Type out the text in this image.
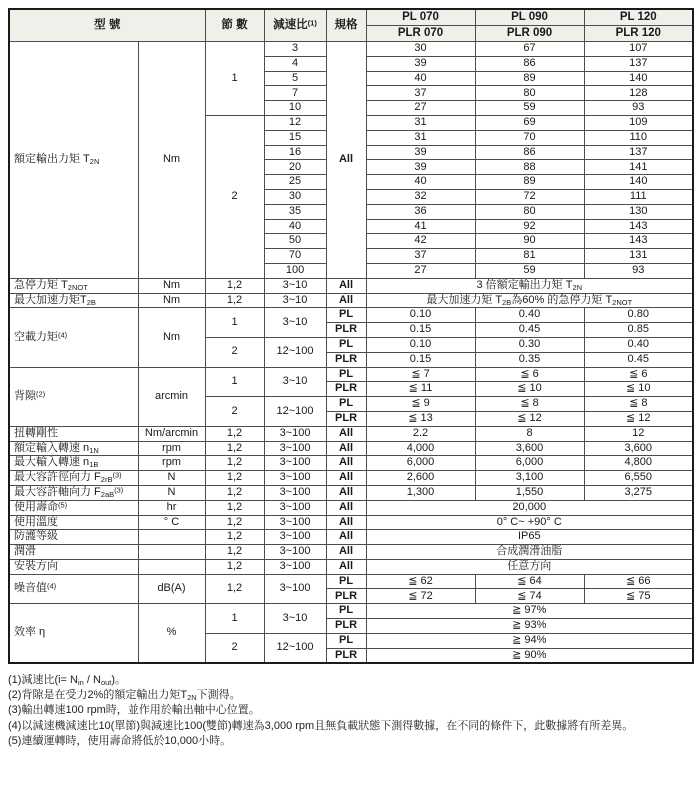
型 號		節 數	減速比$^{(1)}$	規格	PL 070	PL 090	PL 120
					PLR 070	PLR 090	PLR 120
額定輸出力矩 $T_{2N}$	Nm	1	3	All	30	67	107
			4		39	86	137
			5		40	89	140
			7		37	80	128
			10		27	59	93
		2	12		31	69	109
			15		31	70	110
			16		39	86	137
			20		39	88	141
			25		40	89	140
			30		32	72	111
			35		36	80	130
			40		41	92	143
			50		42	90	143
			70		37	81	131
			100		27	59	93
急停力矩 $T_{2NOT}$	Nm	1,2	3~10	All	3 倍額定輸出力矩 $T_{2N}$
最大加速力矩$T_{2B}$	Nm	1,2	3~10	All	最大加速力矩 $T_{2B}$為60% 的急停力矩 $T_{2NOT}$
空載力矩$^{(4)}$	Nm	1	3~10	PL	0.10	0.40	0.80
				PLR	0.15	0.45	0.85
		2	12~100	PL	0.10	0.30	0.40
				PLR	0.15	0.35	0.45
背隙$^{(2)}$	arcmin	1	3~10	PL	≦ 7	≦ 6	≦ 6
				PLR	≦ 11	≦ 10	≦ 10
		2	12~100	PL	≦ 9	≦ 8	≦ 8
				PLR	≦ 13	≦ 12	≦ 12
扭轉剛性	Nm/arcmin	1,2	3~100	All	2.2	8	12
額定輸入轉速 $n_{1N}$	rpm	1,2	3~100	All	4,000	3,600	3,600
最大輸入轉速 $n_{1B}$	rpm	1,2	3~100	All	6,000	6,000	4,800
最大容許徑向力 $F_{2rB}^{(3)}$	N	1,2	3~100	All	2,600	3,100	6,550
最大容許軸向力 $F_{2aB}^{(3)}$	N	1,2	3~100	All	1,300	1,550	3,275
使用壽命$^{(5)}$	hr	1,2	3~100	All	20,000		
使用溫度	° C	1,2	3~100	All	0° C~ +90° C		
防護等級		1,2	3~100	All	IP65		
潤滑		1,2	3~100	All	合成潤滑油脂		
安裝方向		1,2	3~100	All	任意方向		
噪音值$^{(4)}$	dB(A)	1,2	3~100	PL	≦ 62	≦ 64	≦ 66
				PLR	≦ 72	≦ 74	≦ 75
效率 η	%	1	3~10	PL	≧ 97%		
				PLR	≧ 93%		
		2	12~100	PL	≧ 94%		
				PLR	≧ 90%		
(1)減速比$(i= N_{in} / N_{out})$。
(2)背隙是在受力2%的額定輸出力矩$T_{2N}$下測得。
(3)輸出轉速100 rpm時，並作用於輸出軸中心位置。
(4)以減速機減速比10(單節)與減速比100(雙節)轉速為3,000 rpm且無負載狀態下測得數據，在不同的條件下，此數據將有所差異。
(5)連續運轉時，使用壽命將低於10,000小時。
